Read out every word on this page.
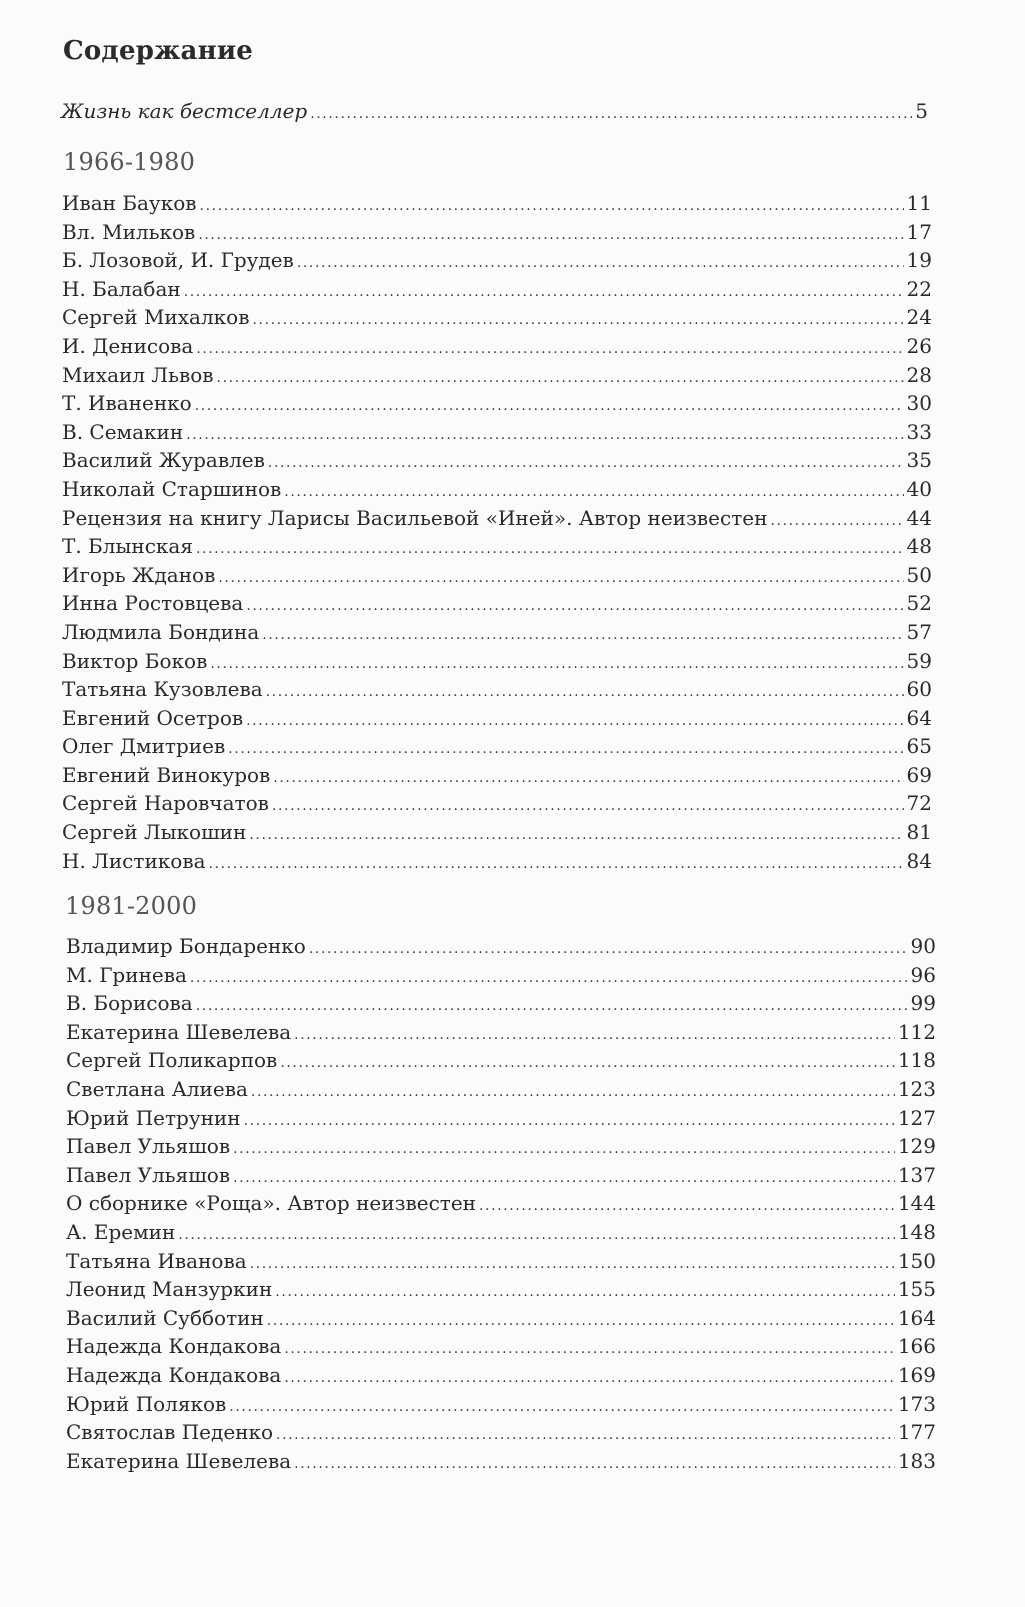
Содержание
Жизнь как бестселлер .....	5
1966-1980
Иван Бауков .....	11
Вл. Мильков .....	17
Б. Лозовой, И. Грудев .....	19
Н. Балабан .....	22
Сергей Михалков .....	24
И. Денисова .....	26
Михаил Львов .....	28
Т. Иваненко .....	30
В. Семакин .....	33
Василий Журавлев .....	35
Николай Старшинов .....	40
Рецензия на книгу Ларисы Васильевой «Иней». Автор неизвестен .....	44
Т. Блынская .....	48
Игорь Жданов .....	50
Инна Ростовцева .....	52
Людмила Бондина .....	57
Виктор Боков .....	59
Татьяна Кузовлева .....	60
Евгений Осетров .....	64
Олег Дмитриев .....	65
Евгений Винокуров .....	69
Сергей Наровчатов .....	72
Сергей Лыкошин .....	81
Н. Листикова .....	84
1981-2000
Владимир Бондаренко .....	90
М. Гринева .....	96
В. Борисова .....	99
Екатерина Шевелева .....	112
Сергей Поликарпов .....	118
Светлана Алиева .....	123
Юрий Петрунин .....	127
Павел Ульяшов .....	129
Павел Ульяшов .....	137
О сборнике «Роща». Автор неизвестен .....	144
А. Еремин .....	148
Татьяна Иванова .....	150
Леонид Манзуркин .....	155
Василий Субботин .....	164
Надежда Кондакова .....	166
Надежда Кондакова .....	169
Юрий Поляков .....	173
Святослав Педенко .....	177
Екатерина Шевелева .....	183
